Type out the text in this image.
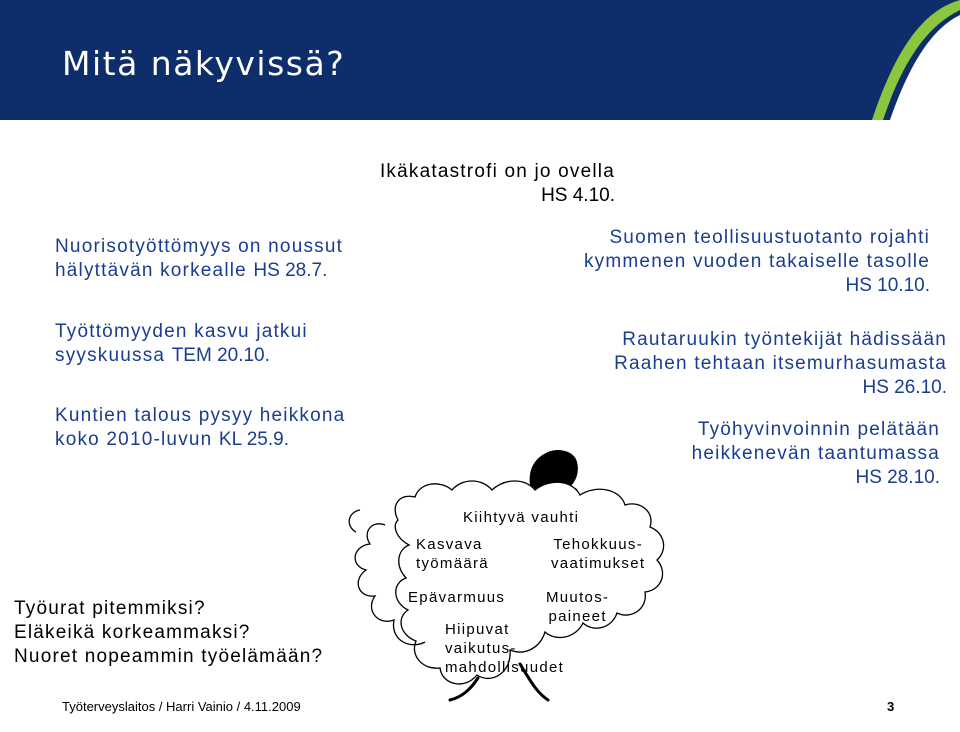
Mitä näkyvissä?
Ikäkatastrofi on jo ovella
HS 4.10.
Nuorisotyöttömyys on noussut
hälyttävän korkealle HS 28.7.
Työttömyyden kasvu jatkui
syyskuussa TEM 20.10.
Kuntien talous pysyy heikkona
koko 2010-luvun KL 25.9.
Suomen teollisuustuotanto rojahti
kymmenen vuoden takaiselle tasolle
HS 10.10.
Rautaruukin työntekijät hädissään
Raahen tehtaan itsemurhasumasta
HS 26.10.
Työhyvinvoinnin pelätään
heikkenevän taantumassa
HS 28.10.
Työurat pitemmiksi?
Eläkeikä korkeammaksi?
Nuoret nopeammin työelämään?
Kiihtyvä vauhti
Kasvava
työmäärä
Tehokkuus-
vaatimukset
Epävarmuus	Muutos-
paineet
Hiipuvat
vaikutus-
mahdollisuudet
Työterveyslaitos / Harri Vainio / 4.11.2009	3
